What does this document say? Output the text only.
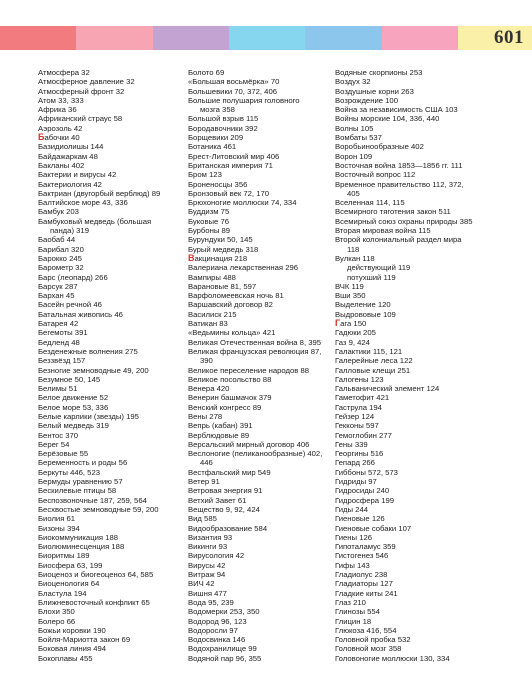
601
Атмосфера 32
Атмосферное давление 32
Атмосферный фронт 32
Атом 33, 333
Африка 36
Африканский страус 58
Аэрозоль 42
Бабочки 40
Базидиолишы 144
Байдажаркам 48
Бакланы 402
Бактерии и вирусы 42
Бактериология 42
Бактриан (двугорбый верблюд) 89
Балтийское море 43, 336
Бамбук 203
Бамбуковый медведь (большая
панда) 319
Баобаб 44
Барибал 320
Барокко 245
Барометр 32
Барс (леопард) 266
Барсук 287
Бархан 45
Басейн речной 46
Батальная живопись 46
Батарея 42
Бегемоты 391
Бедленд 48
Безденежные волнения 275
Беззвёзд 157
Безногие земноводные 49, 200
Безумное 50, 145
Белимы 51
Белое движение 52
Белое море 53, 336
Белые карлики (звезды) 195
Белый медведь 319
Бентос 370
Берег 54
Берёзовые 55
Беременность и роды 56
Беркуты 446, 523
Бермуды уравнению 57
Бескилевые птицы 58
Беспозвоночные 187, 259, 564
Бесхвостые земноводные 59, 200
Биолия 61
Бизоны 394
Биокоммуникация 188
Биолюминесценция 188
Биоритмы 189
Биосфера 63, 199
Биоценоз и биогеоценоз 64, 585
Биоценология 64
Бластула 194
Ближневосточный конфликт 65
Блохи 350
Болеро 66
Божьи коровки 190
Бойля-Мариотта закон 69
Боковая линия 494
Бокоплавы 455
Болото 69
«Большая восьмёрка» 70
Большевики 70, 372, 406
Большие полушария головного
мозга 358
Большой взрыв 115
Бородавочники 392
Борщевики 209
Ботаника 461
Брест-Литовский мир 406
Британская империя 71
Бром 123
Броненосцы 356
Бронзовый век 72, 170
Брюхоногие моллюски 74, 334
Буддизм 75
Буковые 76
Бурбоны 89
Бурундуки 50, 145
Бурый медведь 318
Вакцинация 218
Валериана лекарственная 296
Вампиры 488
Варановые 81, 597
Варфоломеевская ночь 81
Варшавский договор 82
Василиск 215
Ватикан 83
«Ведьмины кольца» 421
Великая Отечественная война 8, 395
Великая французская революция 87,
390
Великое переселение народов 88
Великое посольство 88
Венера 420
Венерин башмачок 379
Венский конгресс 89
Вены 278
Вепрь (кабан) 391
Верблюдовые 89
Версальский мирный договор 406
Веслоногие (пеликанообразные) 402,
446
Вестфальский мир 549
Ветер 91
Ветровая энергия 91
Ветхий Завет 61
Вещество 9, 92, 424
Вид 585
Видообразование 584
Византия 93
Викинги 93
Вирусология 42
Вирусы 42
Витраж 94
ВИЧ 42
Вишня 477
Вода 95, 239
Водомерки 253, 350
Водород 96, 123
Водоросли 97
Водосвинка 146
Водохранилище 99
Водяной пар 96, 355
Водяные скорпионы 253
Воздух 32
Воздушные корни 263
Возрождение 100
Война за независимость США 103
Войны морские 104, 336, 440
Волны 105
Вомбаты 537
Воробьинообразные 402
Ворон 109
Восточная война 1853—1856 гг. 111
Восточный вопрос 112
Временное правительство 112, 372,
405
Вселенная 114, 115
Всемирного тяготения закон 511
Всемирный союз охраны природы 385
Вторая мировая война 115
Второй колониальный раздел мира
118
Вулкан 118
действующий 119
потухший 119
ВЧК 119
Вши 350
Выделение 120
Выдрововые 109
Гага 150
Гадюки 205
Газ 9, 424
Галактики 115, 121
Галерейные леса 122
Галловые клещи 251
Галогены 123
Гальванический элемент 124
Гаметофит 421
Гаструла 194
Гейзер 124
Гекконы 597
Гемоглобин 277
Гены 339
Георгины 516
Гепард 266
Гиббоны 572, 573
Гидриды 97
Гидросиды 240
Гидросфера 199
Гиды 244
Гиеновые 126
Гиеновые собаки 107
Гиены 126
Гипоталамус 359
Гистогенез 546
Гифы 143
Гладиолус 238
Гладиаторы 127
Гладкие киты 241
Глаз 210
Глинозы 554
Глицин 18
Глюкоза 416, 554
Головной пробка 532
Головной мозг 358
Головоногие моллюски 130, 334
